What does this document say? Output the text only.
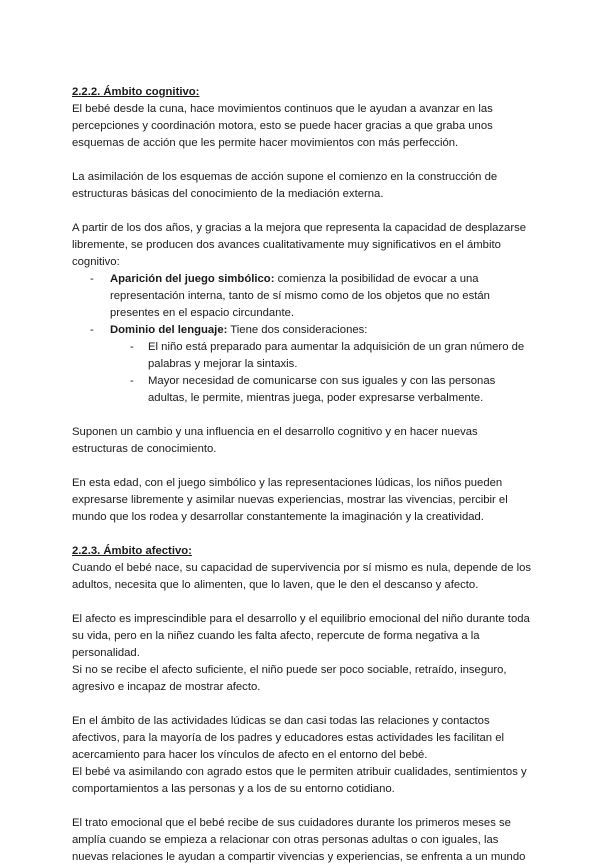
2.2.2. Ámbito cognitivo:

El bebé desde la cuna, hace movimientos continuos que le ayudan a avanzar en las percepciones y coordinación motora, esto se puede hacer gracias a que graba unos esquemas de acción que les permite hacer movimientos con más perfección.

La asimilación de los esquemas de acción supone el comienzo en la construcción de estructuras básicas del conocimiento de la mediación externa.

A partir de los dos años, y gracias a la mejora que representa la capacidad de desplazarse libremente, se producen dos avances cualitativamente muy significativos en el ámbito cognitivo:

- Aparición del juego simbólico: comienza la posibilidad de evocar a una representación interna, tanto de sí mismo como de los objetos que no están presentes en el espacio circundante.
- Dominio del lenguaje: Tiene dos consideraciones:
- El niño está preparado para aumentar la adquisición de un gran número de palabras y mejorar la sintaxis.
- Mayor necesidad de comunicarse con sus iguales y con las personas adultas, le permite, mientras juega, poder expresarse verbalmente.

Suponen un cambio y una influencia en el desarrollo cognitivo y en hacer nuevas estructuras de conocimiento.

En esta edad, con el juego simbólico y las representaciones lúdicas, los niños pueden expresarse libremente y asimilar nuevas experiencias, mostrar las vivencias, percibir el mundo que los rodea y desarrollar constantemente la imaginación y la creatividad.

2.2.3. Ámbito afectivo:

Cuando el bebé nace, su capacidad de supervivencia por sí mismo es nula, depende de los adultos, necesita que lo alimenten, que lo laven, que le den el descanso y afecto.

El afecto es imprescindible para el desarrollo y el equilibrio emocional del niño durante toda su vida, pero en la niñez cuando les falta afecto, repercute de forma negativa a la personalidad.

Si no se recibe el afecto suficiente, el niño puede ser poco sociable, retraído, inseguro, agresivo e incapaz de mostrar afecto.

En el ámbito de las actividades lúdicas se dan casi todas las relaciones y contactos afectivos, para la mayoría de los padres y educadores estas actividades les facilitan el acercamiento para hacer los vínculos de afecto en el entorno del bebé.

El bebé va asimilando con agrado estos que le permiten atribuir cualidades, sentimientos y comportamientos a las personas y a los de su entorno cotidiano.

El trato emocional que el bebé recibe de sus cuidadores durante los primeros meses se amplía cuando se empieza a relacionar con otras personas adultas o con iguales, las nuevas relaciones le ayudan a compartir vivencias y experiencias, se enfrenta a un mundo
